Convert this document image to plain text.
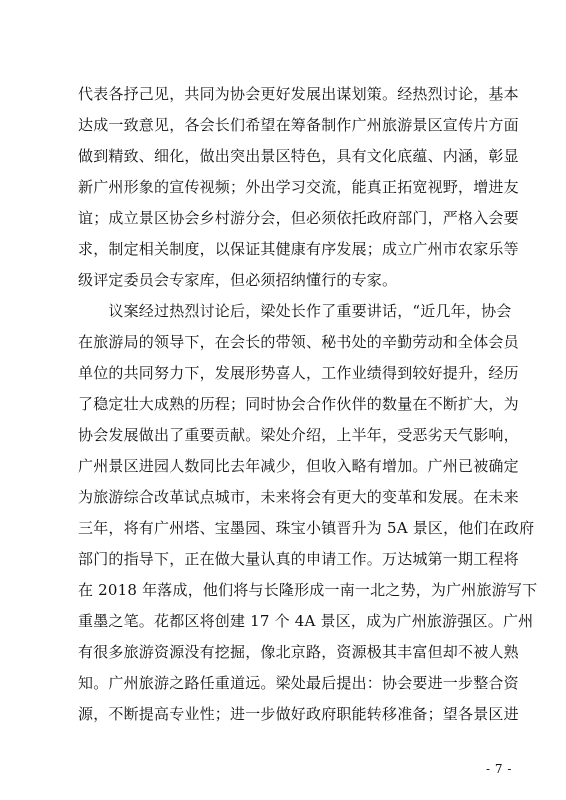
代表各抒己见，共同为协会更好发展出谋划策。经热烈讨论，基本
达成一致意见，各会长们希望在筹备制作广州旅游景区宣传片方面
做到精致、细化，做出突出景区特色，具有文化底蕴、内涵，彰显
新广州形象的宣传视频；外出学习交流，能真正拓宽视野，增进友
谊；成立景区协会乡村游分会，但必须依托政府部门，严格入会要
求，制定相关制度，以保证其健康有序发展；成立广州市农家乐等
级评定委员会专家库，但必须招纳懂行的专家。
　　议案经过热烈讨论后，梁处长作了重要讲话，“近几年，协会
在旅游局的领导下，在会长的带领、秘书处的辛勤劳动和全体会员
单位的共同努力下，发展形势喜人，工作业绩得到较好提升，经历
了稳定壮大成熟的历程；同时协会合作伙伴的数量在不断扩大，为
协会发展做出了重要贡献。梁处介绍，上半年，受恶劣天气影响，
广州景区进园人数同比去年减少，但收入略有增加。广州已被确定
为旅游综合改革试点城市，未来将会有更大的变革和发展。在未来
三年，将有广州塔、宝墨园、珠宝小镇晋升为 5A 景区，他们在政府
部门的指导下，正在做大量认真的申请工作。万达城第一期工程将
在 2018 年落成，他们将与长隆形成一南一北之势，为广州旅游写下
重墨之笔。花都区将创建 17 个 4A 景区，成为广州旅游强区。广州
有很多旅游资源没有挖掘，像北京路，资源极其丰富但却不被人熟
知。广州旅游之路任重道远。梁处最后提出：协会要进一步整合资
源，不断提高专业性；进一步做好政府职能转移准备；望各景区进
- 7 -
